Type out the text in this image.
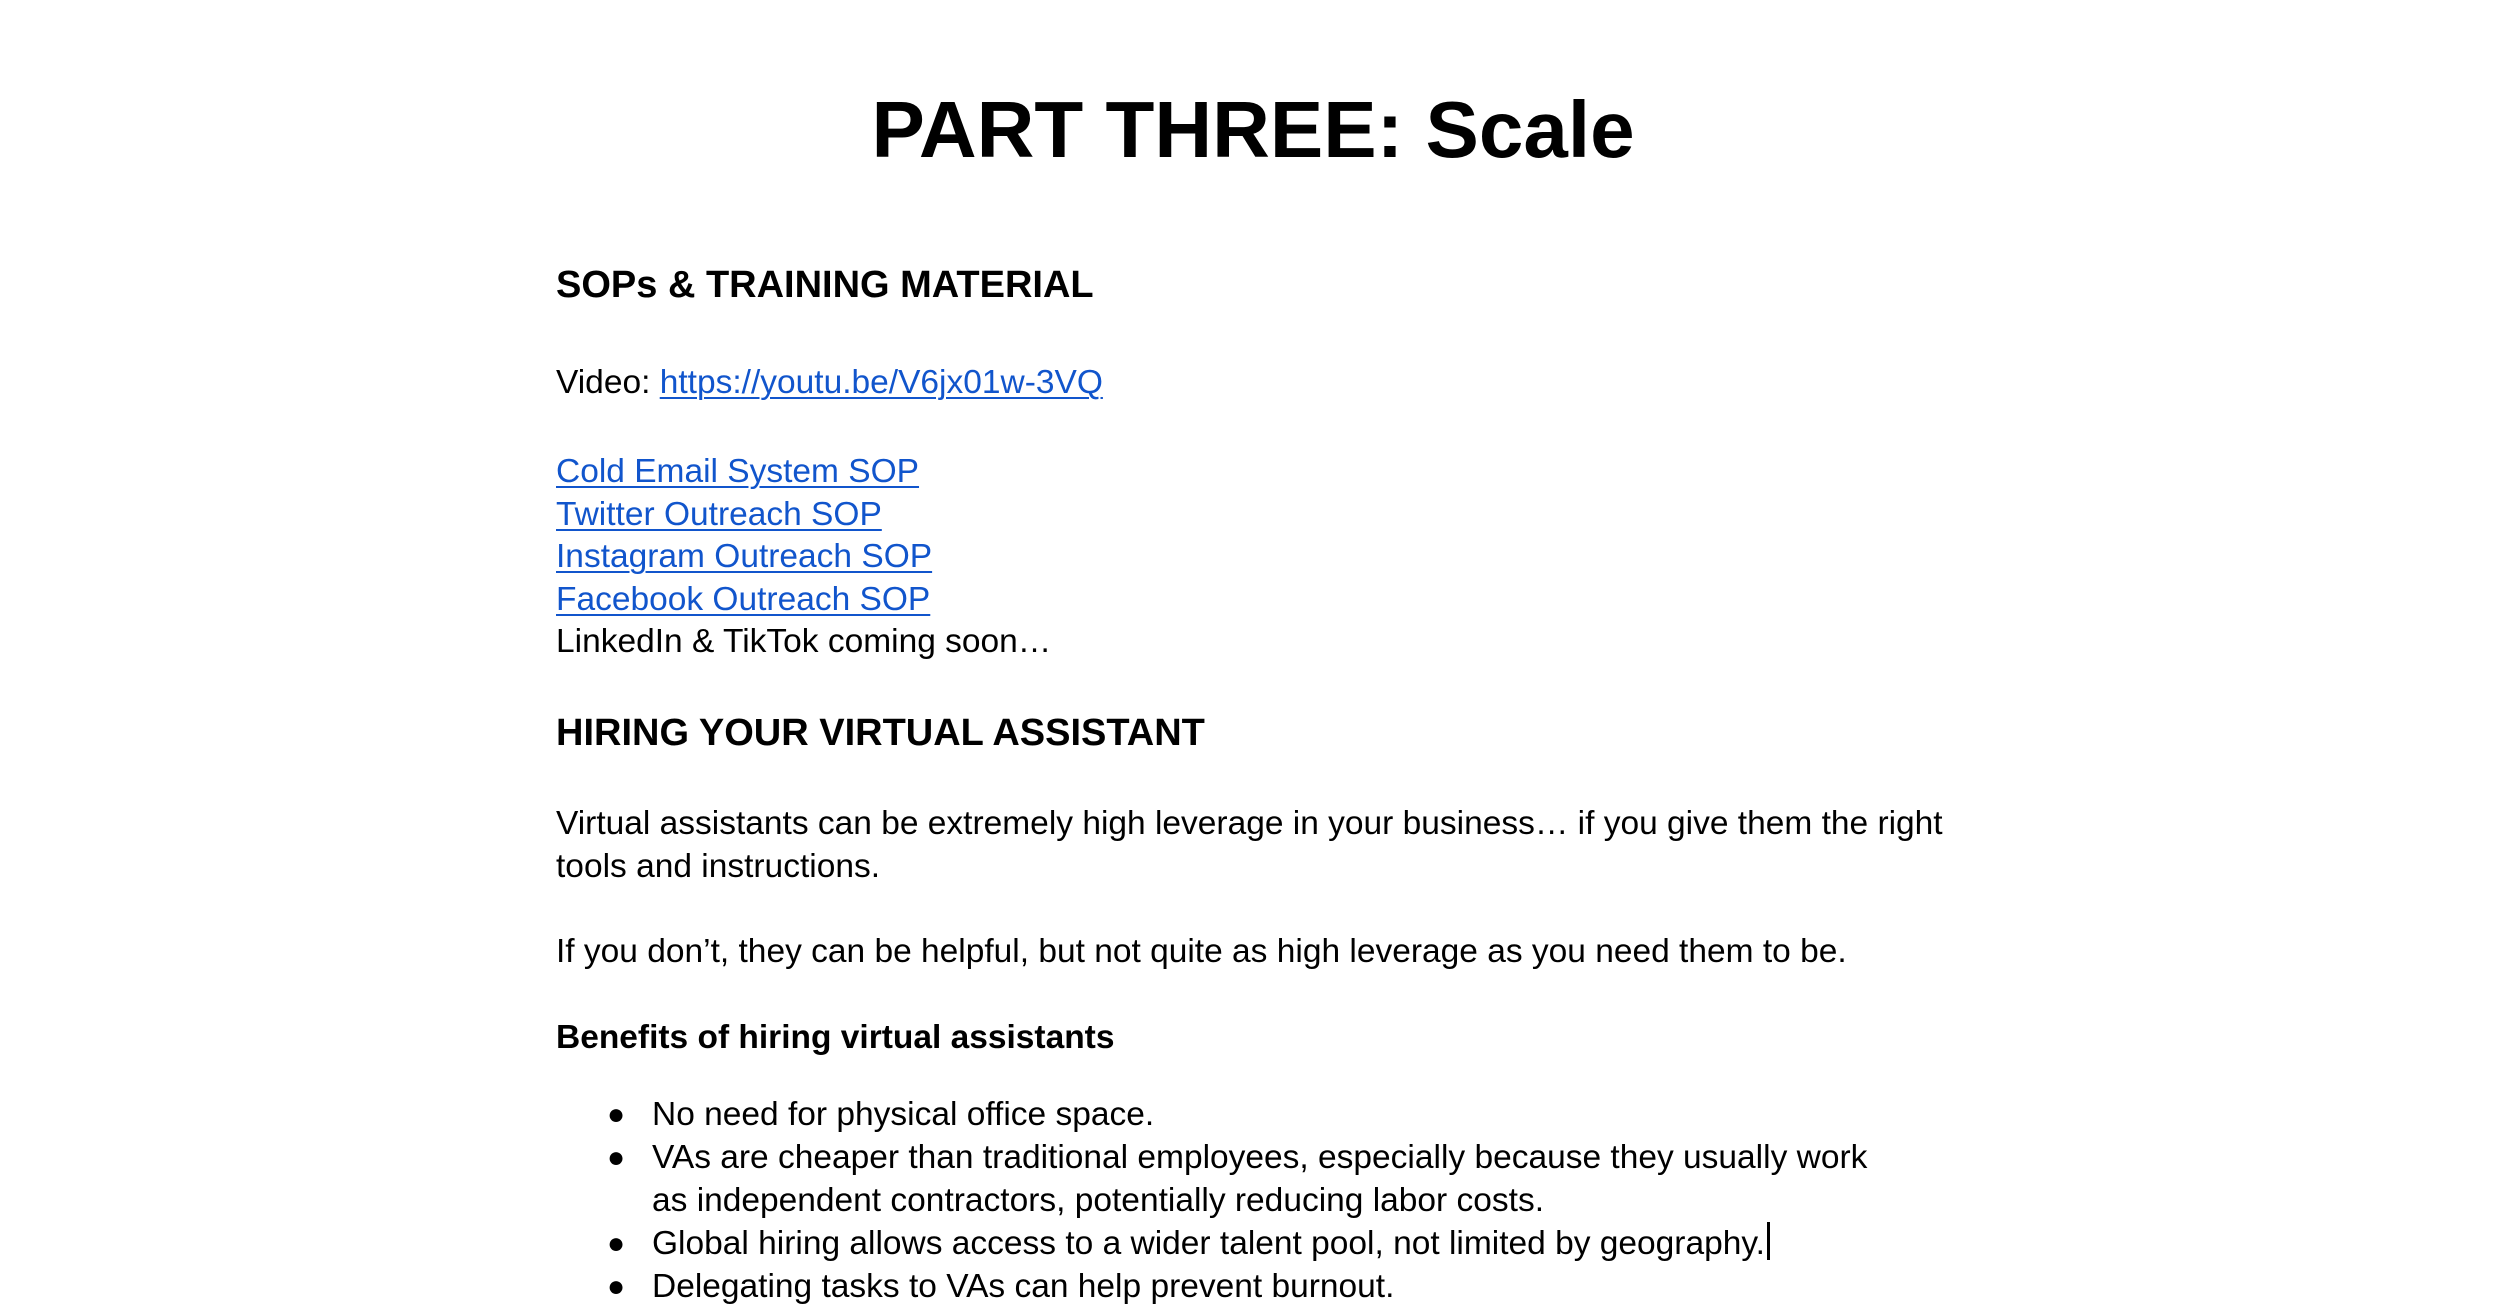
PART THREE: Scale
SOPs & TRAINING MATERIAL

Video: https://youtu.be/V6jx01w-3VQ

Cold Email System SOP
Twitter Outreach SOP
Instagram Outreach SOP
Facebook Outreach SOP
LinkedIn & TikTok coming soon…
HIRING YOUR VIRTUAL ASSISTANT

Virtual assistants can be extremely high leverage in your business… if you give them the right tools and instructions.

If you don’t, they can be helpful, but not quite as high leverage as you need them to be.

Benefits of hiring virtual assistants
● No need for physical office space.
● VAs are cheaper than traditional employees, especially because they usually work as independent contractors, potentially reducing labor costs.
● Global hiring allows access to a wider talent pool, not limited by geography.
● Delegating tasks to VAs can help prevent burnout.
